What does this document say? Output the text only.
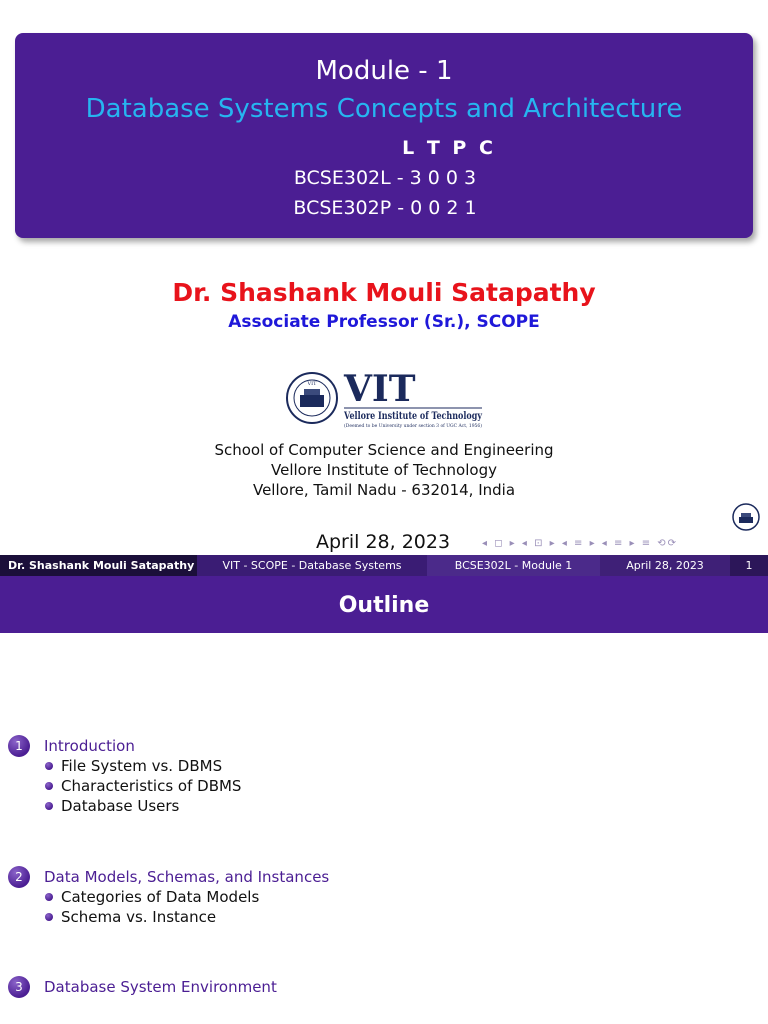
Module - 1
Database Systems Concepts and Architecture
L T P C
BCSE302L - 3 0 0 3
BCSE302P - 0 0 2 1
Dr. Shashank Mouli Satapathy
Associate Professor (Sr.), SCOPE
VIT VIT
Vellore Institute of Technology
(Deemed to be University under section 3 of UGC Act, 1956)
School of Computer Science and Engineering
Vellore Institute of Technology
Vellore, Tamil Nadu - 632014, India
April 28, 2023	◂ ◻ ▸ ◂ ⊡ ▸ ◂ ≡ ▸ ◂ ≡ ▸ ≡ ⟲⟳
Dr. Shashank Mouli Satapathy	VIT - SCOPE - Database Systems	BCSE302L - Module 1	April 28, 2023	1
Outline
1	Introduction
File System vs. DBMS
Characteristics of DBMS
Database Users
2	Data Models, Schemas, and Instances
Categories of Data Models
Schema vs. Instance
3	Database System Environment
